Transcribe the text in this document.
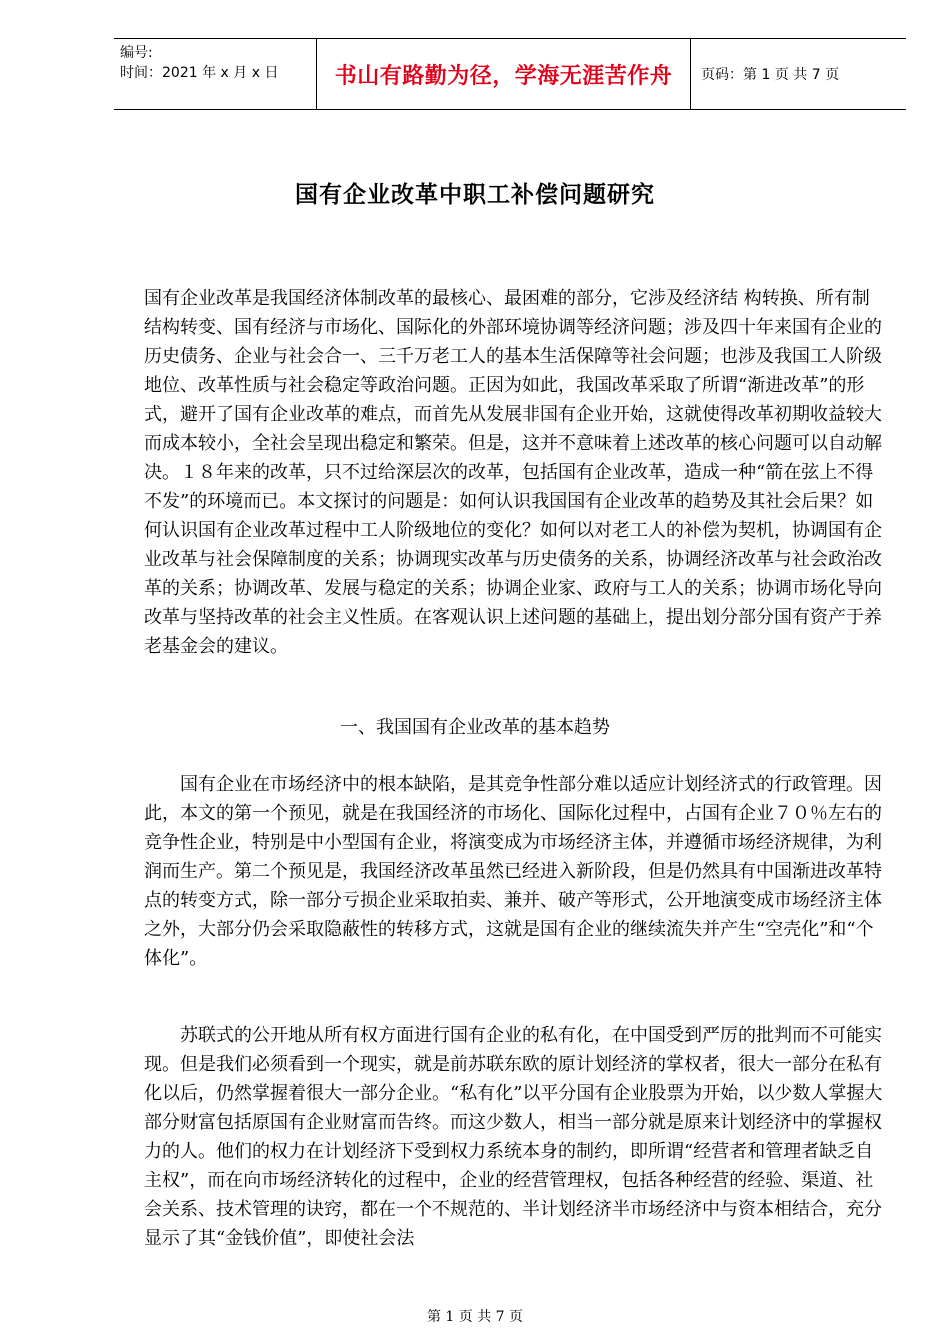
编号:
时间：2021 年 x 月 x 日	书山有路勤为径，学海无涯苦作舟	页码：第 1 页 共 7 页
国有企业改革中职工补偿问题研究

国有企业改革是我国经济体制改革的最核心、最困难的部分，它涉及经济结 构转换、所有制结构转变、国有经济与市场化、国际化的外部环境协调等经济问题；涉及四十年来国有企业的历史债务、企业与社会合一、三千万老工人的基本生活保障等社会问题；也涉及我国工人阶级地位、改革性质与社会稳定等政治问题。正因为如此，我国改革采取了所谓“渐进改革”的形式，避开了国有企业改革的难点，而首先从发展非国有企业开始，这就使得改革初期收益较大而成本较小，全社会呈现出稳定和繁荣。但是，这并不意味着上述改革的核心问题可以自动解决。１８年来的改革，只不过给深层次的改革，包括国有企业改革，造成一种“箭在弦上不得不发”的环境而已。本文探讨的问题是：如何认识我国国有企业改革的趋势及其社会后果？如何认识国有企业改革过程中工人阶级地位的变化？如何以对老工人的补偿为契机，协调国有企业改革与社会保障制度的关系；协调现实改革与历史债务的关系，协调经济改革与社会政治改革的关系；协调改革、发展与稳定的关系；协调企业家、政府与工人的关系；协调市场化导向改革与坚持改革的社会主义性质。在客观认识上述问题的基础上，提出划分部分国有资产于养老基金会的建议。

一、我国国有企业改革的基本趋势

国有企业在市场经济中的根本缺陷，是其竞争性部分难以适应计划经济式的行政管理。因此，本文的第一个预见，就是在我国经济的市场化、国际化过程中，占国有企业７０％左右的竞争性企业，特别是中小型国有企业，将演变成为市场经济主体，并遵循市场经济规律，为利润而生产。第二个预见是，我国经济改革虽然已经进入新阶段，但是仍然具有中国渐进改革特点的转变方式，除一部分亏损企业采取拍卖、兼并、破产等形式，公开地演变成市场经济主体之外，大部分仍会采取隐蔽性的转移方式，这就是国有企业的继续流失并产生“空壳化”和“个体化”。

苏联式的公开地从所有权方面进行国有企业的私有化，在中国受到严厉的批判而不可能实现。但是我们必须看到一个现实，就是前苏联东欧的原计划经济的掌权者，很大一部分在私有化以后，仍然掌握着很大一部分企业。“私有化”以平分国有企业股票为开始，以少数人掌握大部分财富包括原国有企业财富而告终。而这少数人，相当一部分就是原来计划经济中的掌握权力的人。他们的权力在计划经济下受到权力系统本身的制约，即所谓“经营者和管理者缺乏自主权”，而在向市场经济转化的过程中，企业的经营管理权，包括各种经营的经验、渠道、社会关系、技术管理的诀窍，都在一个不规范的、半计划经济半市场经济中与资本相结合，充分显示了其“金钱价值”，即使社会法

第 1 页 共 7 页
